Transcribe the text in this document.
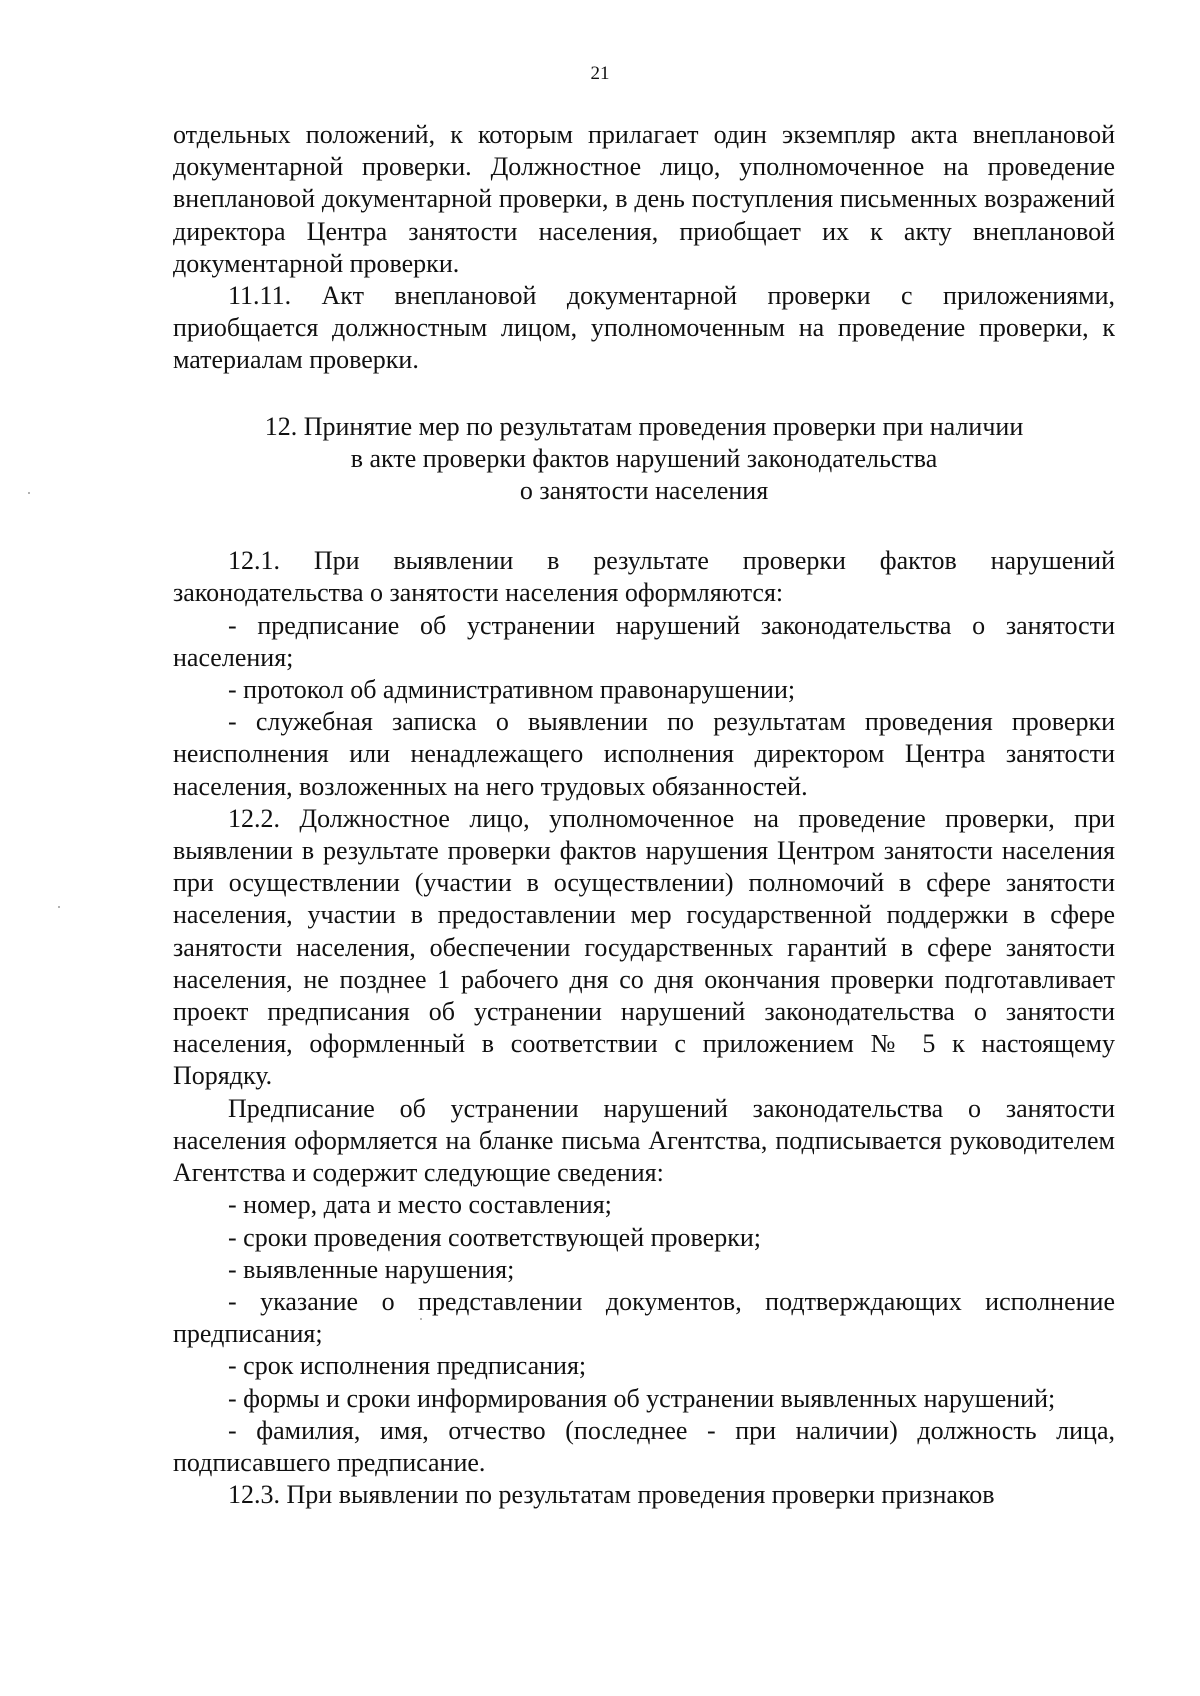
21

отдельных положений, к которым прилагает один экземпляр акта внеплановой документарной проверки. Должностное лицо, уполномоченное на проведение внеплановой документарной проверки, в день поступления письменных возражений директора Центра занятости населения, приобщает их к акту внеплановой документарной проверки.

11.11. Акт внеплановой документарной проверки с приложениями, приобщается должностным лицом, уполномоченным на проведение проверки, к материалам проверки.

12. Принятие мер по результатам проведения проверки при наличии
в акте проверки фактов нарушений законодательства
о занятости населения

12.1. При выявлении в результате проверки фактов нарушений законодательства о занятости населения оформляются:

- предписание об устранении нарушений законодательства о занятости населения;

- протокол об административном правонарушении;

- служебная записка о выявлении по результатам проведения проверки неисполнения или ненадлежащего исполнения директором Центра занятости населения, возложенных на него трудовых обязанностей.

12.2. Должностное лицо, уполномоченное на проведение проверки, при выявлении в результате проверки фактов нарушения Центром занятости населения при осуществлении (участии в осуществлении) полномочий в сфере занятости населения, участии в предоставлении мер государственной поддержки в сфере занятости населения, обеспечении государственных гарантий в сфере занятости населения, не позднее 1 рабочего дня со дня окончания проверки подготавливает проект предписания об устранении нарушений законодательства о занятости населения, оформленный в соответствии с приложением № 5 к настоящему Порядку.

Предписание об устранении нарушений законодательства о занятости населения оформляется на бланке письма Агентства, подписывается руководителем Агентства и содержит следующие сведения:

- номер, дата и место составления;

- сроки проведения соответствующей проверки;

- выявленные нарушения;

- указание о представлении документов, подтверждающих исполнение предписания;

- срок исполнения предписания;

- формы и сроки информирования об устранении выявленных нарушений;

- фамилия, имя, отчество (последнее - при наличии) должность лица, подписавшего предписание.

12.3. При выявлении по результатам проведения проверки признаков
